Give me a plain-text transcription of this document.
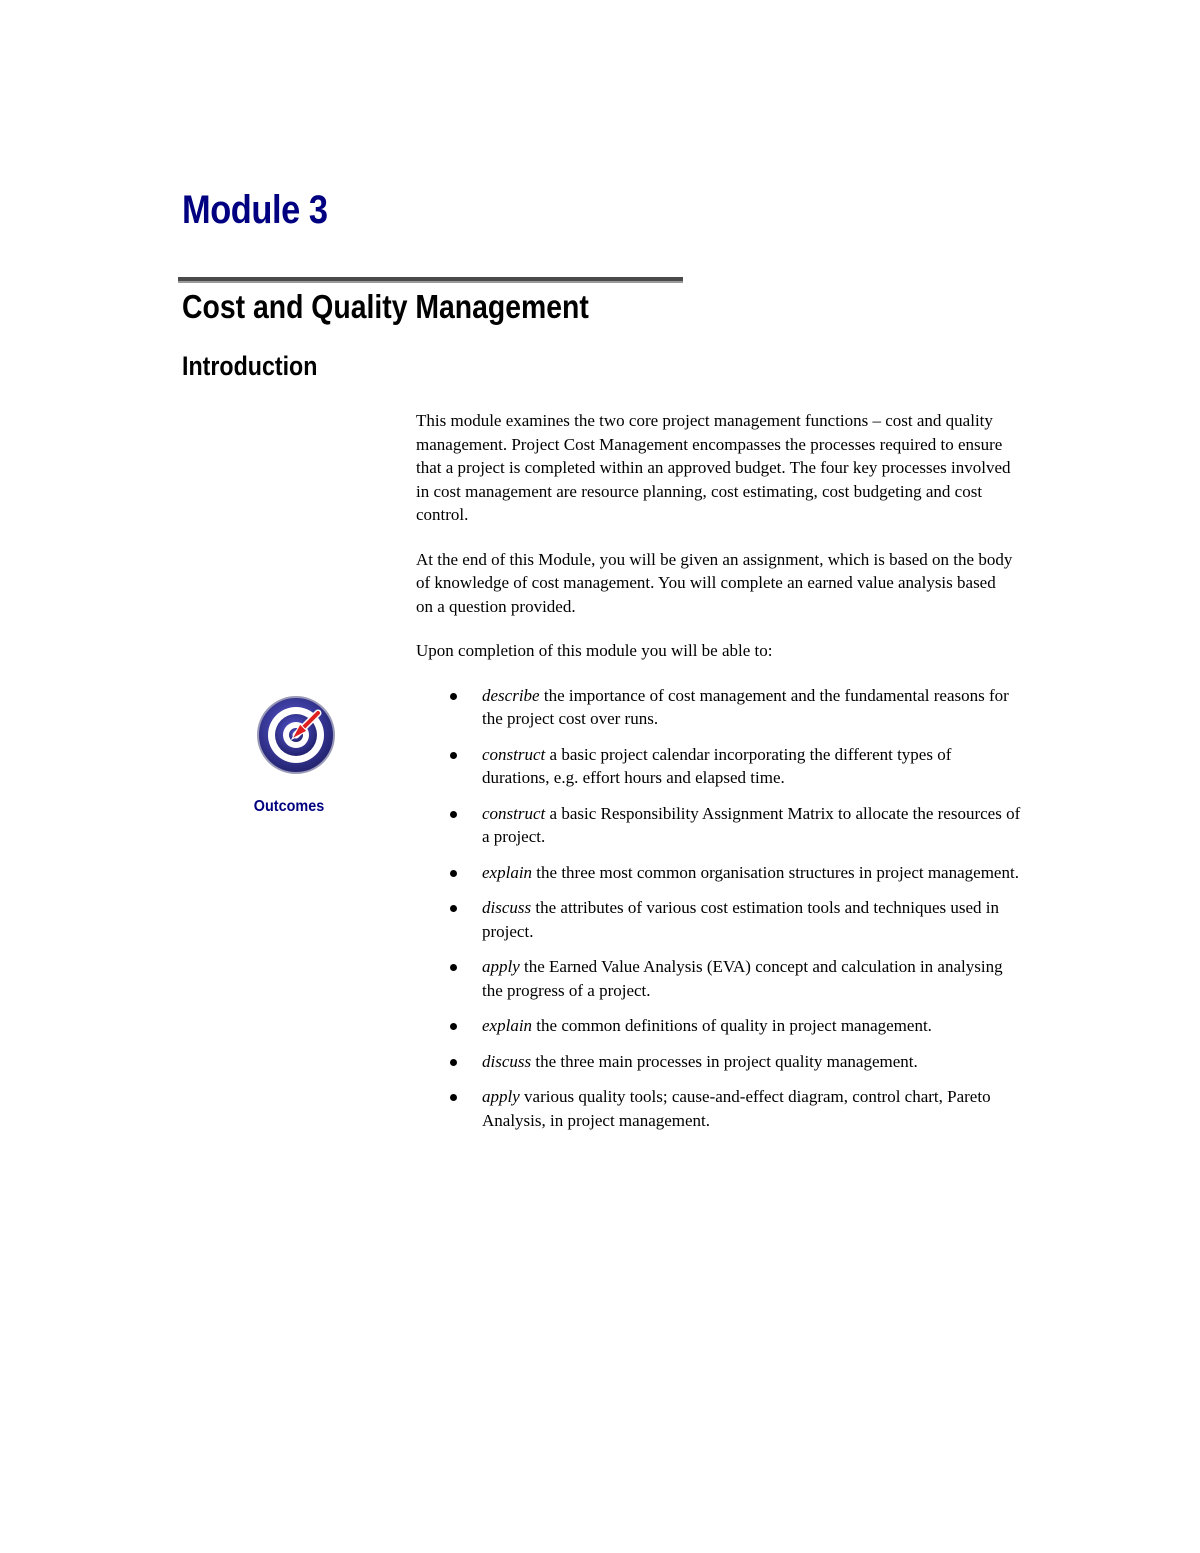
Module 3
Cost and Quality Management
Introduction
Outcomes

This module examines the two core project management functions – cost and quality management. Project Cost Management encompasses the processes required to ensure that a project is completed within an approved budget. The four key processes involved in cost management are resource planning, cost estimating, cost budgeting and cost control.

At the end of this Module, you will be given an assignment, which is based on the body of knowledge of cost management. You will complete an earned value analysis based on a question provided.

Upon completion of this module you will be able to:

describe the importance of cost management and the fundamental reasons for the project cost over runs.
construct a basic project calendar incorporating the different types of durations, e.g. effort hours and elapsed time.
construct a basic Responsibility Assignment Matrix to allocate the resources of a project.
explain the three most common organisation structures in project management.
discuss the attributes of various cost estimation tools and techniques used in project.
apply the Earned Value Analysis (EVA) concept and calculation in analysing the progress of a project.
explain the common definitions of quality in project management.
discuss the three main processes in project quality management.
apply various quality tools; cause-and-effect diagram, control chart, Pareto Analysis, in project management.
